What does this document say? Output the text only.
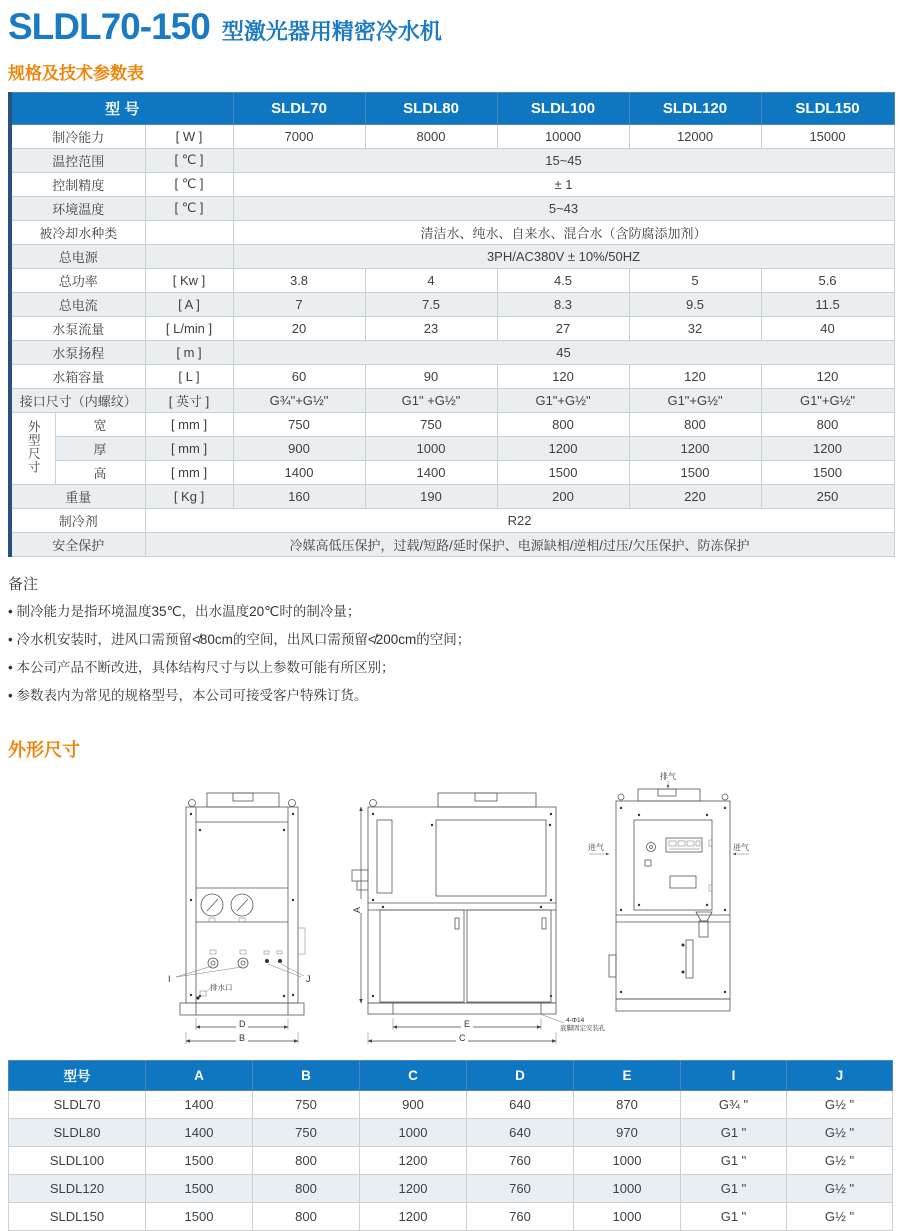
SLDL70-150 型激光器用精密冷水机
规格及技术参数表
型 号			SLDL70	SLDL80	SLDL100	SLDL120	SLDL150
制冷能力		[ W ]	7000	8000	10000	12000	15000
温控范围		[ ℃ ]	15~45				
控制精度		[ ℃ ]	± 1				
环境温度		[ ℃ ]	5~43				
被冷却水种类			清洁水、纯水、自来水、混合水（含防腐添加剂）				
总电源			3PH/AC380V ± 10%/50HZ				
总功率		[ Kw ]	3.8	4	4.5	5	5.6
总电流		[ A ]	7	7.5	8.3	9.5	11.5
水泵流量		[ L/min ]	20	23	27	32	40
水泵扬程		[ m ]	45				
水箱容量		[ L ]	60	90	120	120	120
接口尺寸（内螺纹）		[ 英寸 ]	G¾"+G½"	G1" +G½"	G1"+G½"	G1"+G½"	G1"+G½"
外型尺寸	宽	[ mm ]	750	750	800	800	800
	厚	[ mm ]	900	1000	1200	1200	1200
	高	[ mm ]	1400	1400	1500	1500	1500
重量		[ Kg ]	160	190	200	220	250
制冷剂		R22					
安全保护		冷媒高低压保护，过载/短路/延时保护、电源缺相/逆相/过压/欠压保护、防冻保护					
备注
• 制冷能力是指环境温度35℃，出水温度20℃时的制冷量；
• 冷水机安装时，进风口需预留≮80cm的空间，出风口需预留≮200cm的空间；
• 本公司产品不断改进，具体结构尺寸与以上参数可能有所区别；
• 参数表内为常见的规格型号，本公司可接受客户特殊订货。
外形尺寸
I	J
排水口
D
B
A
E
C
4-Φ14
底脚固定安装孔
排气
进气	进气
型号	A	B	C	D	E	I	J
SLDL70	1400	750	900	640	870	G¾ "	G½ "
SLDL80	1400	750	1000	640	970	G1 "	G½ "
SLDL100	1500	800	1200	760	1000	G1 "	G½ "
SLDL120	1500	800	1200	760	1000	G1 "	G½ "
SLDL150	1500	800	1200	760	1000	G1 "	G½ "
